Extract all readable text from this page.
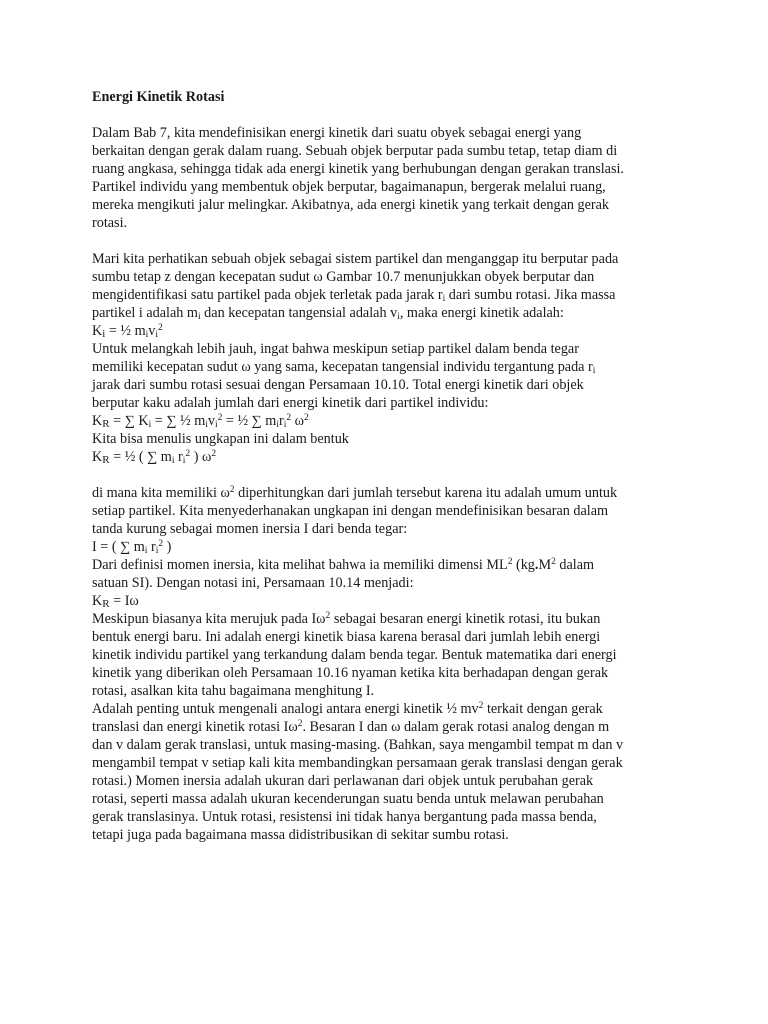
Energi Kinetik Rotasi

Dalam Bab 7, kita mendefinisikan energi kinetik dari suatu obyek sebagai energi yang
berkaitan dengan gerak dalam ruang. Sebuah objek berputar pada sumbu tetap, tetap diam di
ruang angkasa, sehingga tidak ada energi kinetik yang berhubungan dengan gerakan translasi.
Partikel individu yang membentuk objek berputar, bagaimanapun, bergerak melalui ruang,
mereka mengikuti jalur melingkar. Akibatnya, ada energi kinetik yang terkait dengan gerak
rotasi.
Mari kita perhatikan sebuah objek sebagai sistem partikel dan menganggap itu berputar pada
sumbu tetap z dengan kecepatan sudut ω Gambar 10.7 menunjukkan obyek berputar dan
mengidentifikasi satu partikel pada objek terletak pada jarak $r_i$ dari sumbu rotasi. Jika massa
partikel i adalah $m_i$ dan kecepatan tangensial adalah $v_i$, maka energi kinetik adalah:
$K_i$ = ½ $m_iv_i^2$
Untuk melangkah lebih jauh, ingat bahwa meskipun setiap partikel dalam benda tegar
memiliki kecepatan sudut ω yang sama, kecepatan tangensial individu tergantung pada $r_i$
jarak dari sumbu rotasi sesuai dengan Persamaan 10.10. Total energi kinetik dari objek
berputar kaku adalah jumlah dari energi kinetik dari partikel individu:
$K_R$ = ∑ $K_i$ = ∑ ½ $m_iv_i^2$ = ½ ∑ $m_ir_i^2$ $\omega^2$
Kita bisa menulis ungkapan ini dalam bentuk
$K_R$ = ½ ( ∑ $m_i$ $r_i^2$ ) $\omega^2$
di mana kita memiliki $\omega^2$ diperhitungkan dari jumlah tersebut karena itu adalah umum untuk
setiap partikel. Kita menyederhanakan ungkapan ini dengan mendefinisikan besaran dalam
tanda kurung sebagai momen inersia I dari benda tegar:
I = ( ∑ $m_i$ $r_i^2$ )
Dari definisi momen inersia, kita melihat bahwa ia memiliki dimensi $ML^2$ ($kg.M^2$ dalam
satuan SI). Dengan notasi ini, Persamaan 10.14 menjadi:
$K_R = I\omega$
Meskipun biasanya kita merujuk pada $I\omega^2$ sebagai besaran energi kinetik rotasi, itu bukan
bentuk energi baru. Ini adalah energi kinetik biasa karena berasal dari jumlah lebih energi
kinetik individu partikel yang terkandung dalam benda tegar. Bentuk matematika dari energi
kinetik yang diberikan oleh Persamaan 10.16 nyaman ketika kita berhadapan dengan gerak
rotasi, asalkan kita tahu bagaimana menghitung I.
Adalah penting untuk mengenali analogi antara energi kinetik ½ $mv^2$ terkait dengan gerak
translasi dan energi kinetik rotasi $I\omega^2$. Besaran I dan ω dalam gerak rotasi analog dengan m
dan v dalam gerak translasi, untuk masing-masing. (Bahkan, saya mengambil tempat m dan v
mengambil tempat v setiap kali kita membandingkan persamaan gerak translasi dengan gerak
rotasi.) Momen inersia adalah ukuran dari perlawanan dari objek untuk perubahan gerak
rotasi, seperti massa adalah ukuran kecenderungan suatu benda untuk melawan perubahan
gerak translasinya. Untuk rotasi, resistensi ini tidak hanya bergantung pada massa benda,
tetapi juga pada bagaimana massa didistribusikan di sekitar sumbu rotasi.
